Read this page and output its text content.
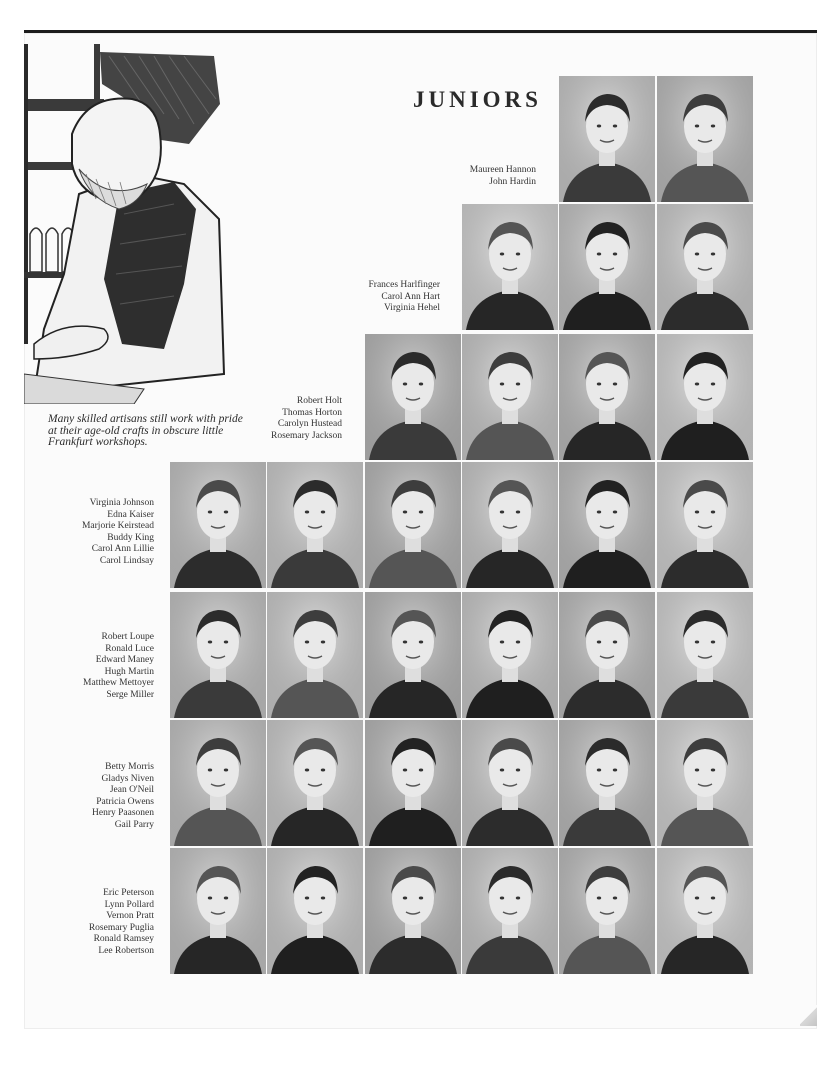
JUNIORS
Many skilled artisans still work with pride
at their age-old crafts in obscure little
Frankfurt workshops.
Maureen Hannon
John Hardin
Frances Harlfinger
Carol Ann Hart
Virginia Hehel
Robert Holt
Thomas Horton
Carolyn Hustead
Rosemary Jackson
Virginia Johnson
Edna Kaiser
Marjorie Keirstead
Buddy King
Carol Ann Lillie
Carol Lindsay
Robert Loupe
Ronald Luce
Edward Maney
Hugh Martin
Matthew Mettoyer
Serge Miller
Betty Morris
Gladys Niven
Jean O'Neil
Patricia Owens
Henry Paasonen
Gail Parry
Eric Peterson
Lynn Pollard
Vernon Pratt
Rosemary Puglia
Ronald Ramsey
Lee Robertson
